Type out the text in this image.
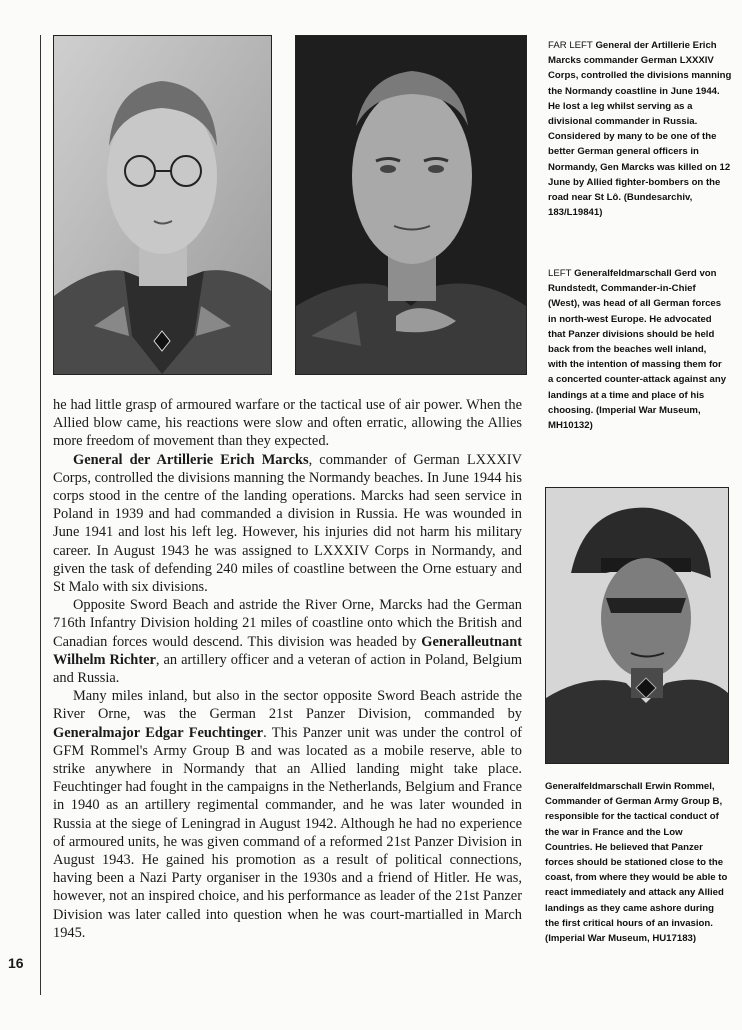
16
FAR LEFT General der Artillerie Erich Marcks commander German LXXXIV Corps, controlled the divisions manning the Normandy coastline in June 1944. He lost a leg whilst serving as a divisional commander in Russia. Considered by many to be one of the better German general officers in Normandy, Gen Marcks was killed on 12 June by Allied fighter-bombers on the road near St Lô. (Bundesarchiv, 183/L19841)
LEFT Generalfeldmarschall Gerd von Rundstedt, Commander-in-Chief (West), was head of all German forces in north-west Europe. He advocated that Panzer divisions should be held back from the beaches well inland, with the intention of massing them for a concerted counter-attack against any landings at a time and place of his choosing. (Imperial War Museum, MH10132)
Generalfeldmarschall Erwin Rommel, Commander of German Army Group B, responsible for the tactical conduct of the war in France and the Low Countries. He believed that Panzer forces should be stationed close to the coast, from where they would be able to react immediately and attack any Allied landings as they came ashore during the first critical hours of an invasion. (Imperial War Museum, HU17183)

he had little grasp of armoured warfare or the tactical use of air power. When the Allied blow came, his reactions were slow and often erratic, allowing the Allies more freedom of movement than they expected.

General der Artillerie Erich Marcks, commander of German LXXXIV Corps, controlled the divisions manning the Normandy beaches. In June 1944 his corps stood in the centre of the landing operations. Marcks had seen service in Poland in 1939 and had commanded a division in Russia. He was wounded in June 1941 and lost his left leg. However, his injuries did not harm his military career. In August 1943 he was assigned to LXXXIV Corps in Normandy, and given the task of defending 240 miles of coastline between the Orne estuary and St Malo with six divisions.

Opposite Sword Beach and astride the River Orne, Marcks had the German 716th Infantry Division holding 21 miles of coastline onto which the British and Canadian forces would descend. This division was headed by Generalleutnant Wilhelm Richter, an artillery officer and a veteran of action in Poland, Belgium and Russia.

Many miles inland, but also in the sector opposite Sword Beach astride the River Orne, was the German 21st Panzer Division, commanded by Generalmajor Edgar Feuchtinger. This Panzer unit was under the control of GFM Rommel's Army Group B and was located as a mobile reserve, able to strike anywhere in Normandy that an Allied landing might take place. Feuchtinger had fought in the campaigns in the Netherlands, Belgium and France in 1940 as an artillery regimental commander, and he was later wounded in Russia at the siege of Leningrad in August 1942. Although he had no experience of armoured units, he was given command of a reformed 21st Panzer Division in August 1943. He gained his promotion as a result of political connections, having been a Nazi Party organiser in the 1930s and a friend of Hitler. He was, however, not an inspired choice, and his performance as leader of the 21st Panzer Division was later called into question when he was court-martialled in March 1945.
